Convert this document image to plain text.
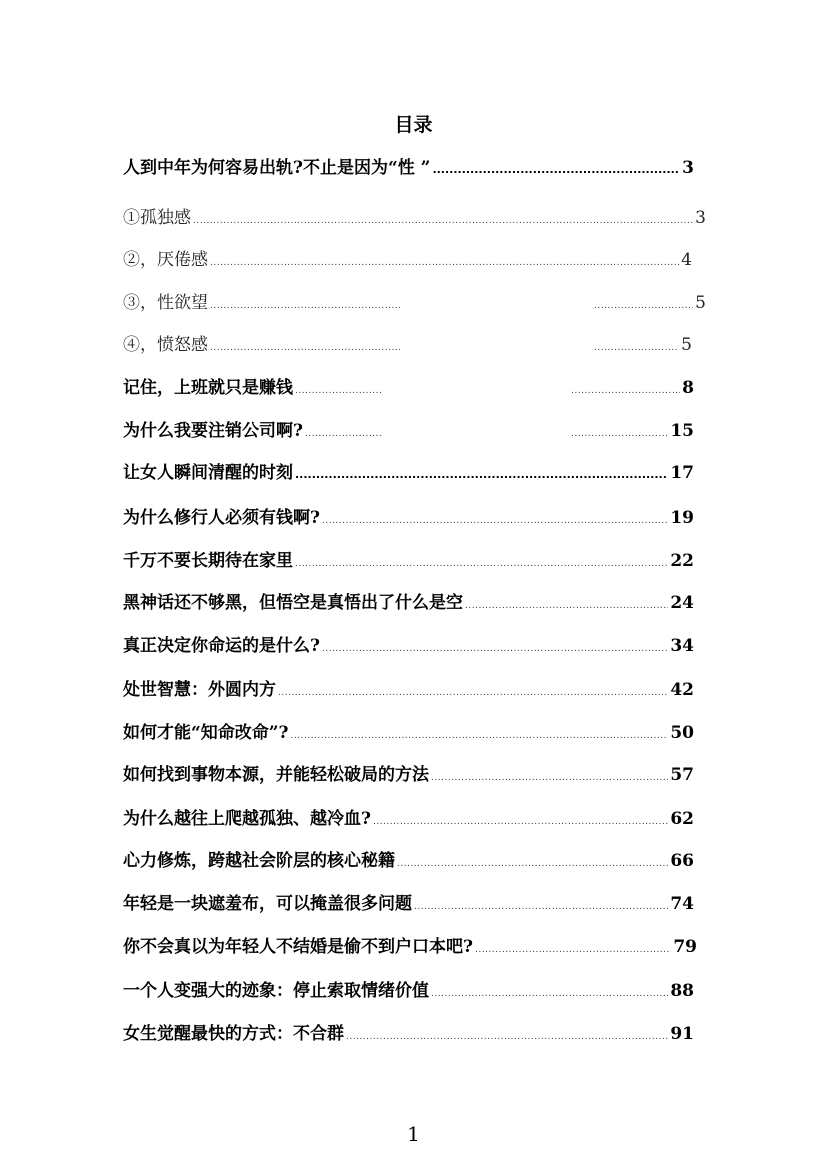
目录
人到中年为何容易出轨?不止是因为“性 ” .....	3
①孤独感 .....	3
②，厌倦感 .....	4
③，性欲望 ..... .....	5
④，愤怒感 ..... .....	5
记住，上班就只是赚钱 ..... .....	8
为什么我要注销公司啊? ..... .....	15
让女人瞬间清醒的时刻 .....	17
为什么修行人必须有钱啊? .....	19
千万不要长期待在家里 .....	22
黑神话还不够黑，但悟空是真悟出了什么是空 .....	24
真正决定你命运的是什么? .....	34
处世智慧：外圆内方 .....	42
如何才能“知命改命”? .....	50
如何找到事物本源，并能轻松破局的方法 .....	57
为什么越往上爬越孤独、越冷血? .....	62
心力修炼，跨越社会阶层的核心秘籍 .....	66
年轻是一块遮羞布，可以掩盖很多问题 .....	74
你不会真以为年轻人不结婚是偷不到户口本吧? .....	79
一个人变强大的迹象：停止索取情绪价值 .....	88
女生觉醒最快的方式：不合群 .....	91
1
